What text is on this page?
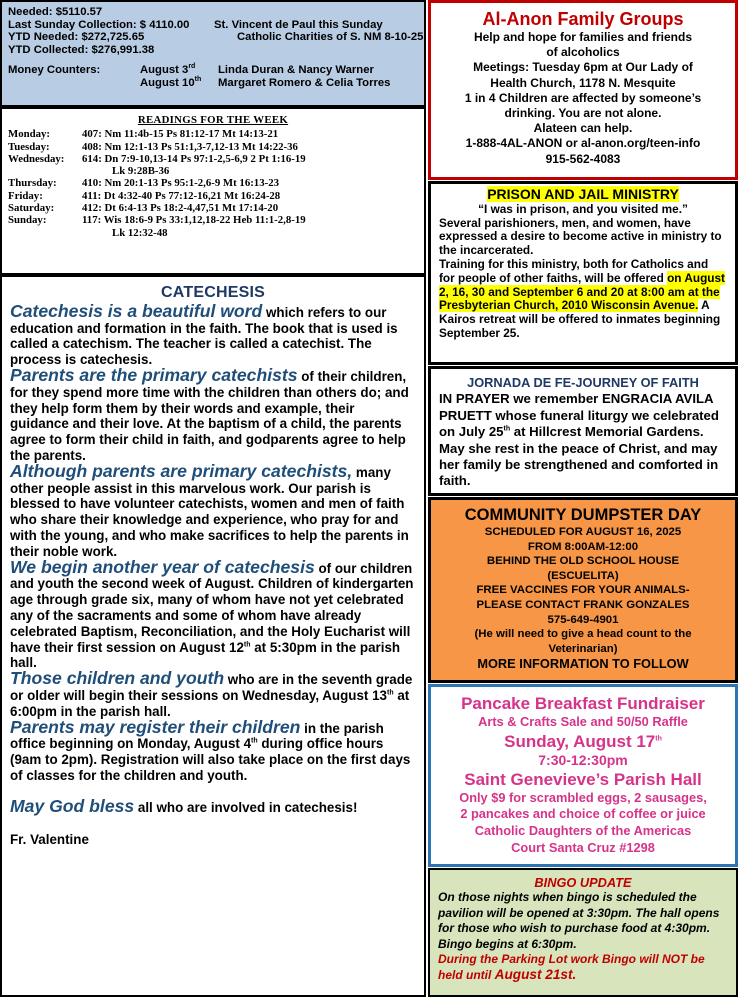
Needed: $5110.57
Last Sunday Collection: $ 4110.00 St. Vincent de Paul this Sunday
YTD Needed: $272,725.65	Catholic Charities of S. NM 8-10-25
YTD Collected: $276,991.38
Money Counters:	August 3rd Linda Duran & Nancy Warner
August 10th Margaret Romero & Celia Torres
READINGS FOR THE WEEK
Monday:	407: Nm 11:4b-15 Ps 81:12-17 Mt 14:13-21
Tuesday:	408: Nm 12:1-13 Ps 51:1,3-7,12-13 Mt 14:22-36
Wednesday: 614: Dn 7:9-10,13-14 Ps 97:1-2,5-6,9 2 Pt 1:16-19
Lk 9:28B-36
Thursday: 410: Nm 20:1-13 Ps 95:1-2,6-9 Mt 16:13-23
Friday:	411: Dt 4:32-40 Ps 77:12-16,21 Mt 16:24-28
Saturday:	412: Dt 6:4-13 Ps 18:2-4,47,51 Mt 17:14-20
Sunday:	117: Wis 18:6-9 Ps 33:1,12,18-22 Heb 11:1-2,8-19
Lk 12:32-48
CATECHESIS

Catechesis is a beautiful word which refers to our education and formation in the faith. The book that is used is called a catechism. The teacher is called a catechist. The process is catechesis.

Parents are the primary catechists of their children, for they spend more time with the children than others do; and they help form them by their words and example, their guidance and their love. At the baptism of a child, the parents agree to form their child in faith, and godparents agree to help the parents.

Although parents are primary catechists, many other people assist in this marvelous work. Our parish is blessed to have volunteer catechists, women and men of faith who share their knowledge and experience, who pray for and with the young, and who make sacrifices to help the parents in their noble work.

We begin another year of catechesis of our children and youth the second week of August. Children of kindergarten age through grade six, many of whom have not yet celebrated any of the sacraments and some of whom have already celebrated Baptism, Reconciliation, and the Holy Eucharist will have their first session on August 12th at 5:30pm in the parish hall.

Those children and youth who are in the seventh grade or older will begin their sessions on Wednesday, August 13th at 6:00pm in the parish hall.

Parents may register their children in the parish office beginning on Monday, August 4th during office hours (9am to 2pm). Registration will also take place on the first days of classes for the children and youth.

May God bless all who are involved in catechesis!

Fr. Valentine

Al-Anon Family Groups
Help and hope for families and friends
of alcoholics
Meetings: Tuesday 6pm at Our Lady of
Health Church, 1178 N. Mesquite
1 in 4 Children are affected by someone’s
drinking. You are not alone.
Alateen can help.
1-888-4AL-ANON or al-anon.org/teen-info
915-562-4083
PRISON AND JAIL MINISTRY

“I was in prison, and you visited me.”

Several parishioners, men, and women, have expressed a desire to become active in ministry to the incarcerated.

Training for this ministry, both for Catholics and for people of other faiths, will be offered on August 2, 16, 30 and September 6 and 20 at 8:00 am at the Presbyterian Church, 2010 Wisconsin Avenue. A Kairos retreat will be offered to inmates beginning September 25.

JORNADA DE FE-JOURNEY OF FAITH

IN PRAYER we remember ENGRACIA AVILA PRUETT whose funeral liturgy we celebrated on July 25th at Hillcrest Memorial Gardens. May she rest in the peace of Christ, and may her family be strengthened and comforted in faith.

COMMUNITY DUMPSTER DAY
SCHEDULED FOR AUGUST 16, 2025
FROM 8:00AM-12:00
BEHIND THE OLD SCHOOL HOUSE
(ESCUELITA)
FREE VACCINES FOR YOUR ANIMALS-
PLEASE CONTACT FRANK GONZALES
575-649-4901
(He will need to give a head count to the
Veterinarian)
MORE INFORMATION TO FOLLOW
Pancake Breakfast Fundraiser
Arts & Crafts Sale and 50/50 Raffle
Sunday, August 17th
7:30-12:30pm
Saint Genevieve’s Parish Hall
Only $9 for scrambled eggs, 2 sausages,
2 pancakes and choice of coffee or juice
Catholic Daughters of the Americas
Court Santa Cruz #1298
BINGO UPDATE

On those nights when bingo is scheduled the pavilion will be opened at 3:30pm. The hall opens for those who wish to purchase food at 4:30pm. Bingo begins at 6:30pm.

During the Parking Lot work Bingo will NOT be held until August 21st.
